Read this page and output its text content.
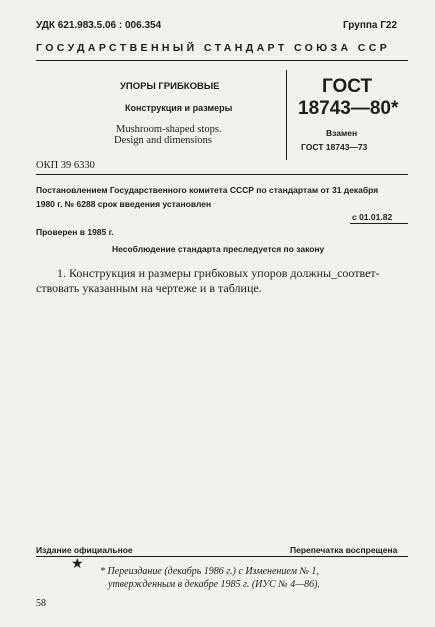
УДК 621.983.5.06 : 006.354	Группа Г22
ГОСУДАРСТВЕННЫЙ СТАНДАРТ СОЮЗА ССР
УПОРЫ ГРИБКОВЫЕ
Конструкция и размеры
Mushroom-shaped stops.
Design and dimensions
ГОСТ
18743—80*
Взамен
ГОСТ 18743—73
ОКП 39 6330
Постановлением Государственного комитета СССР по стандартам от 31 декабря
1980 г. № 6288 срок введения установлен
с 01.01.82
Проверен в 1985 г.
Несоблюдение стандарта преследуется по закону
1. Конструкция и размеры грибковых упоров должны_соответ-
ствовать указанным на чертеже и в таблице.
Издание официальное	Перепечатка воспрещена
★ * Переиздание (декабрь 1986 г.) с Изменением № 1,
утвержденным в декабре 1985 г. (ИУС № 4—86).
58
